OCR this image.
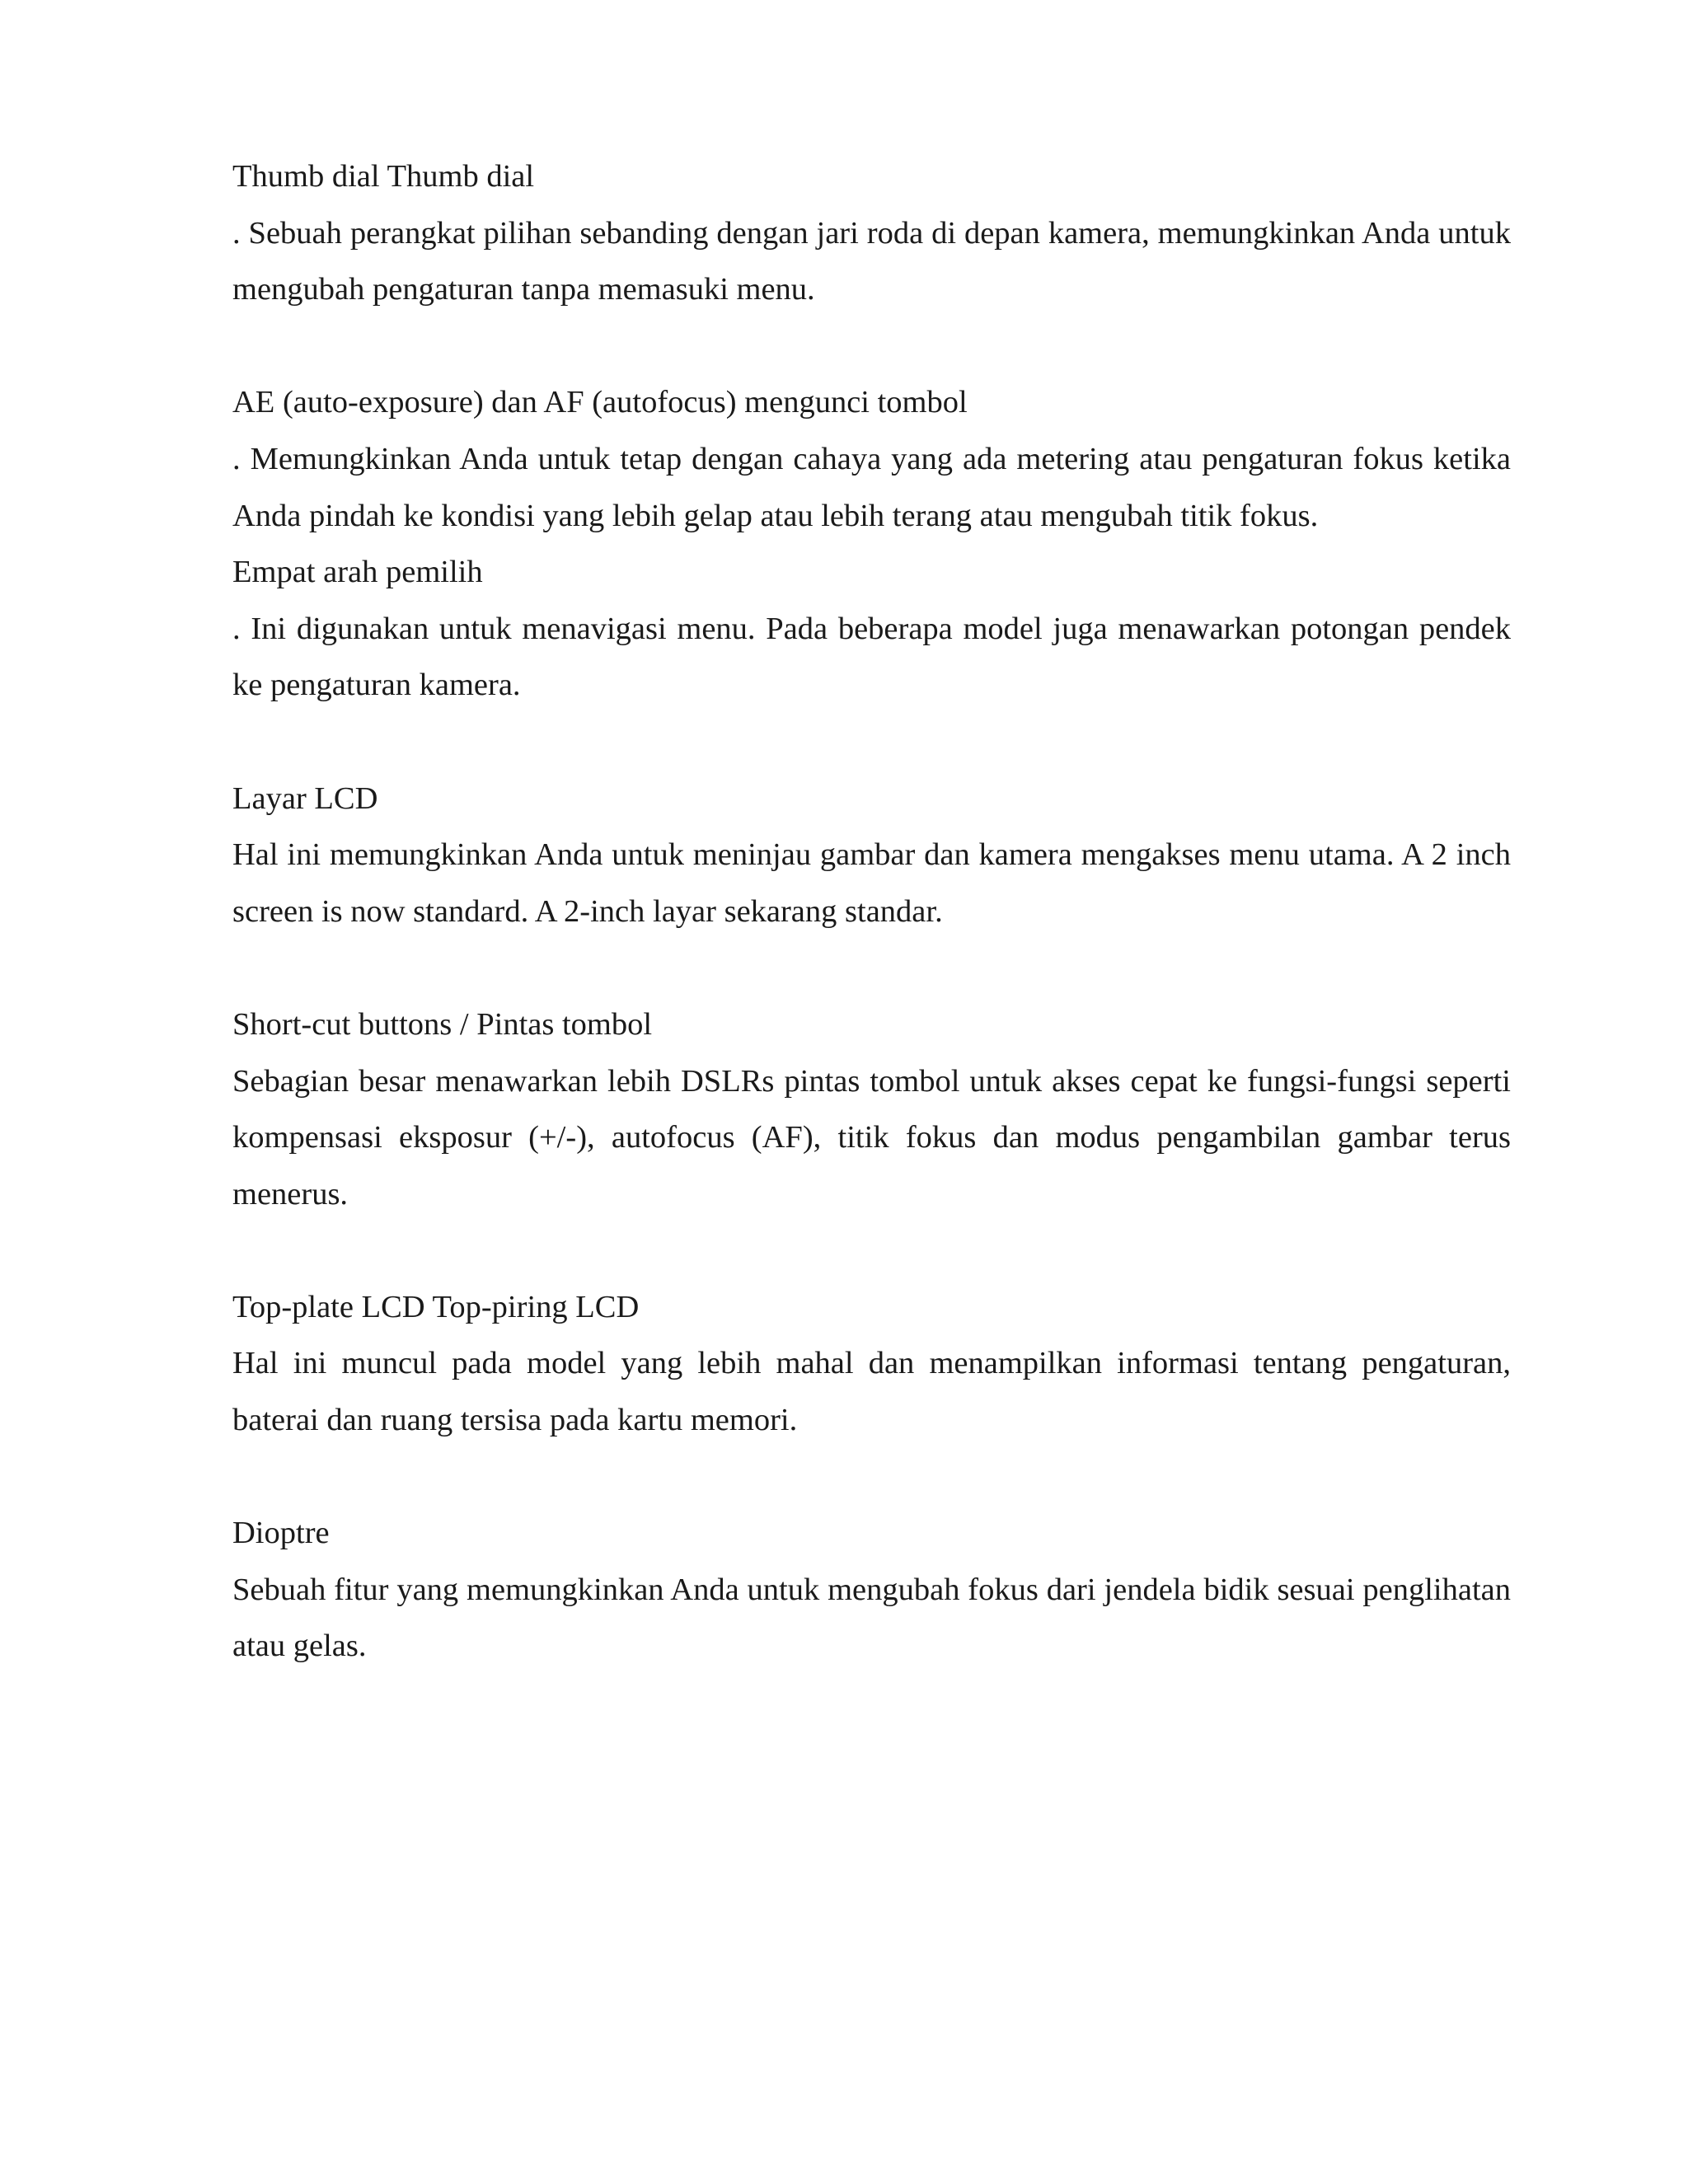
Thumb dial Thumb dial

. Sebuah perangkat pilihan sebanding dengan jari roda di depan kamera, memungkinkan Anda untuk mengubah pengaturan tanpa memasuki menu.

AE (auto-exposure) dan AF (autofocus) mengunci tombol

. Memungkinkan Anda untuk tetap dengan cahaya yang ada metering atau pengaturan fokus ketika Anda pindah ke kondisi yang lebih gelap atau lebih terang atau mengubah titik fokus.

Empat arah pemilih

. Ini digunakan untuk menavigasi menu. Pada beberapa model juga menawarkan potongan pendek ke pengaturan kamera.

Layar LCD

Hal ini memungkinkan Anda untuk meninjau gambar dan kamera mengakses menu utama. A 2 inch screen is now standard. A 2-inch layar sekarang standar.

Short-cut buttons / Pintas tombol

Sebagian besar menawarkan lebih DSLRs pintas tombol untuk akses cepat ke fungsi-fungsi seperti kompensasi eksposur (+/-), autofocus (AF), titik fokus dan modus pengambilan gambar terus menerus.

Top-plate LCD Top-piring LCD

Hal ini muncul pada model yang lebih mahal dan menampilkan informasi tentang pengaturan, baterai dan ruang tersisa pada kartu memori.

Dioptre

Sebuah fitur yang memungkinkan Anda untuk mengubah fokus dari jendela bidik sesuai penglihatan atau gelas.
